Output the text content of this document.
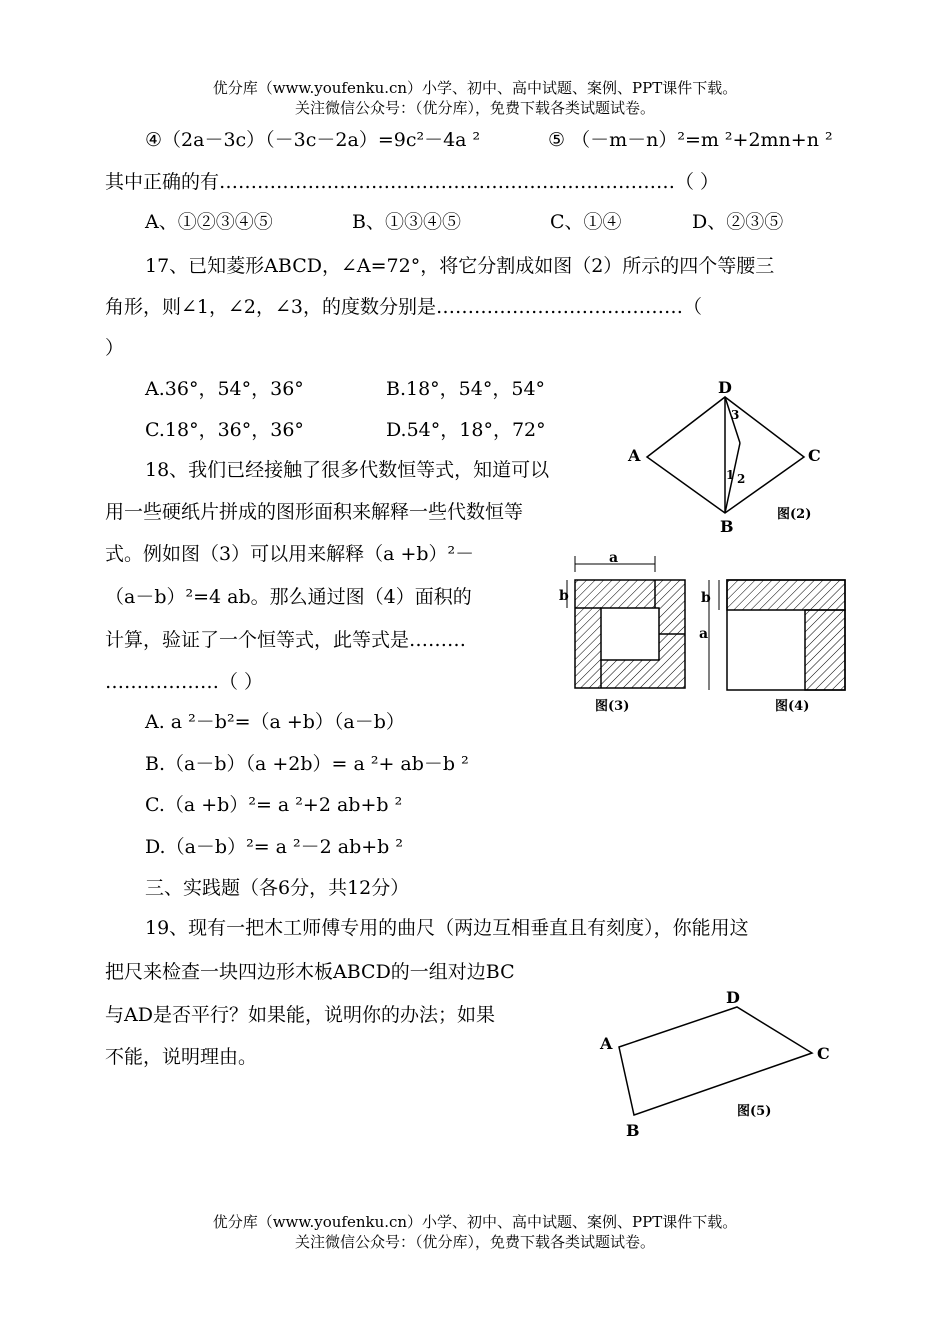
优分库（www.youfenku.cn）小学、初中、高中试题、案例、PPT课件下载。
关注微信公众号：（优分库），免费下载各类试题试卷。
④（2a－3c）（－3c－2a）=9c²－4a ²	⑤ （－m－n）²=m ²+2mn+n ²
其中正确的有………………………………………………………………（ ）
A、①②③④⑤	B、①③④⑤	C、①④	D、②③⑤
17、已知菱形ABCD，∠A=72°，将它分割成如图（2）所示的四个等腰三
角形，则∠1，∠2，∠3，的度数分别是…………………………………（
）
A.36°，54°，36°	B.18°，54°，54°
C.18°，36°，36°	D.54°，18°，72°
18、我们已经接触了很多代数恒等式，知道可以
用一些硬纸片拼成的图形面积来解释一些代数恒等
式。例如图（3）可以用来解释（a +b）²－
（a－b）²=4 ab。那么通过图（4）面积的
计算，验证了一个恒等式，此等式是………
………………（ ）
A. a ²－b²=（a +b）（a－b）
B.（a－b）（a +2b）= a ²+ ab－b ²
C.（a +b）²= a ²+2 ab+b ²
D.（a－b）²= a ²－2 ab+b ²
三、实践题（各6分，共12分）
19、现有一把木工师傅专用的曲尺（两边互相垂直且有刻度），你能用这
把尺来检查一块四边形木板ABCD的一组对边BC
与AD是否平行？如果能，说明你的办法；如果
不能，说明理由。
D
A	C
B
1 2
3
图(2)
a
b
图(3)
b
a
图(4)
A
D
C
B
图(5)
优分库（www.youfenku.cn）小学、初中、高中试题、案例、PPT课件下载。
关注微信公众号：（优分库），免费下载各类试题试卷。
